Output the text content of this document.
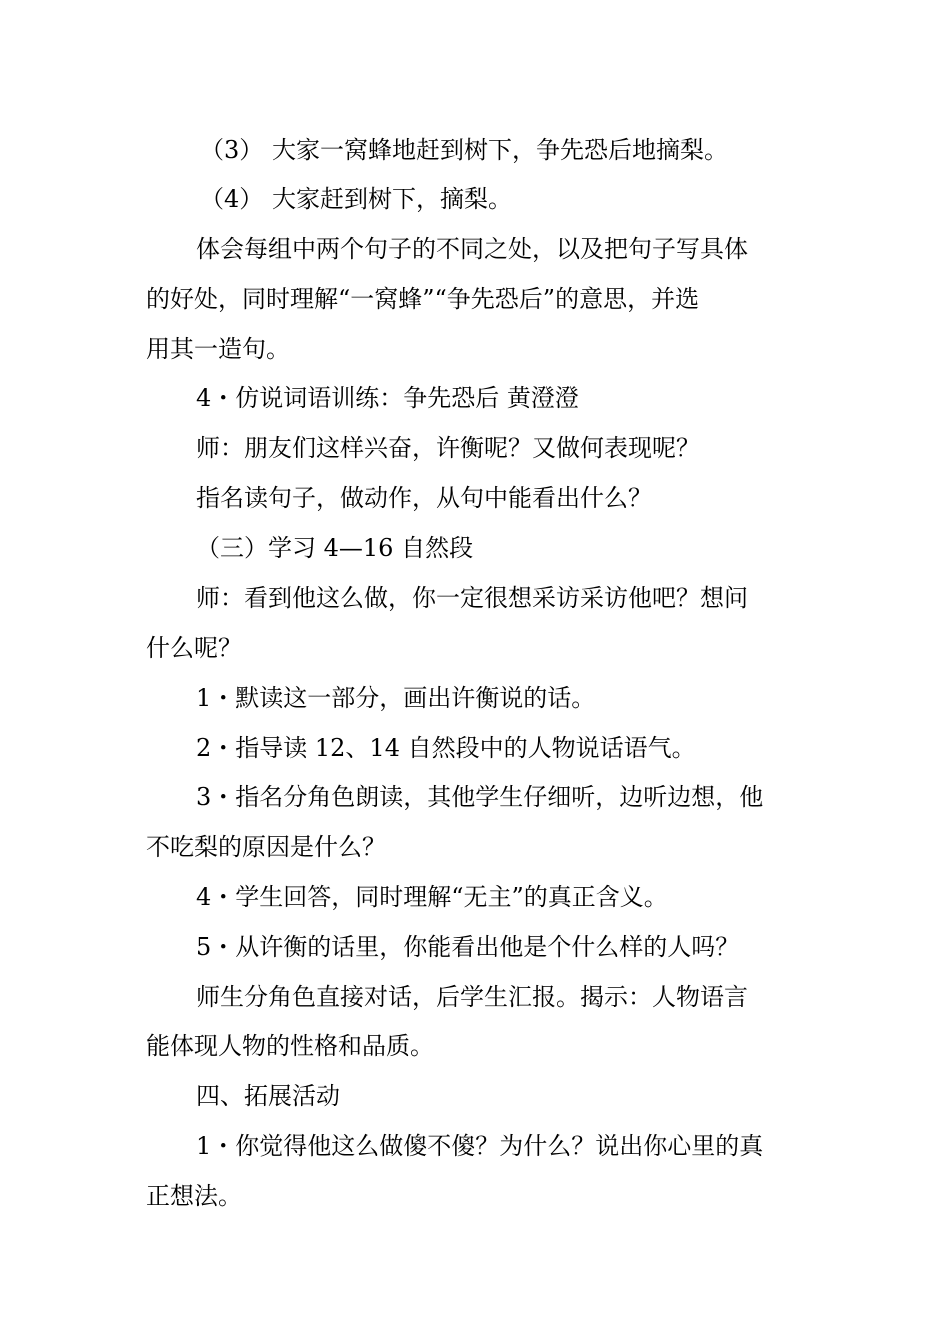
（3） 大家一窝蜂地赶到树下，争先恐后地摘梨。
（4） 大家赶到树下，摘梨。
体会每组中两个句子的不同之处，以及把句子写具体
的好处，同时理解“一窝蜂”“争先恐后”的意思，并选
用其一造句。
4・仿说词语训练：争先恐后 黄澄澄
师：朋友们这样兴奋，许衡呢？又做何表现呢？
指名读句子，做动作，从句中能看出什么？
（三）学习 4—16 自然段
师：看到他这么做，你一定很想采访采访他吧？想问
什么呢？
1・默读这一部分，画出许衡说的话。
2・指导读 12、14 自然段中的人物说话语气。
3・指名分角色朗读，其他学生仔细听，边听边想，他
不吃梨的原因是什么？
4・学生回答，同时理解“无主”的真正含义。
5・从许衡的话里，你能看出他是个什么样的人吗？
师生分角色直接对话，后学生汇报。揭示：人物语言
能体现人物的性格和品质。
四、拓展活动
1・你觉得他这么做傻不傻？为什么？说出你心里的真
正想法。
